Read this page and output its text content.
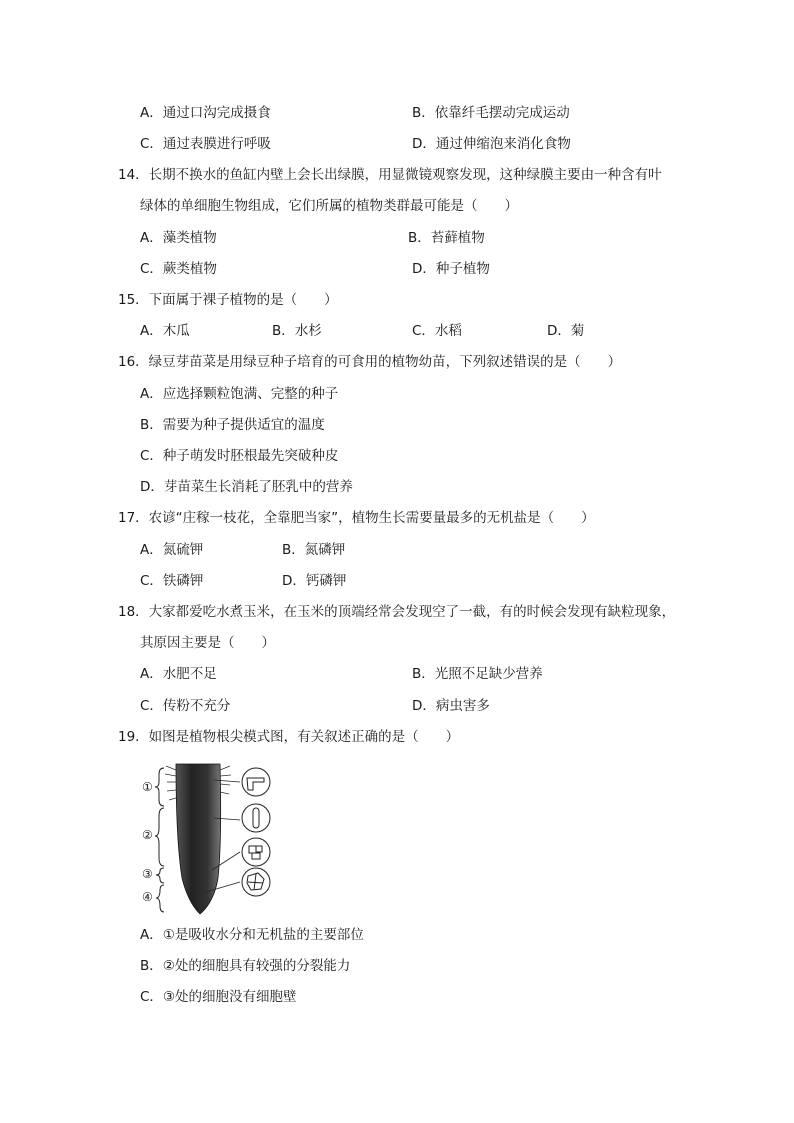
A．通过口沟完成摄食	B．依靠纤毛摆动完成运动
C．通过表膜进行呼吸	D．通过伸缩泡来消化食物
14．长期不换水的鱼缸内壁上会长出绿膜，用显微镜观察发现，这种绿膜主要由一种含有叶
绿体的单细胞生物组成，它们所属的植物类群最可能是（　　）
A．藻类植物	B．苔藓植物
C．蕨类植物	D．种子植物
15．下面属于裸子植物的是（　　）
A．木瓜	B．水杉	C．水稻	D．菊
16．绿豆芽苗菜是用绿豆种子培育的可食用的植物幼苗，下列叙述错误的是（　　）
A．应选择颗粒饱满、完整的种子
B．需要为种子提供适宜的温度
C．种子萌发时胚根最先突破种皮
D．芽苗菜生长消耗了胚乳中的营养
17．农谚“庄稼一枝花，全靠肥当家”，植物生长需要量最多的无机盐是（　　）
A．氮硫钾	B．氮磷钾
C．铁磷钾	D．钙磷钾
18．大家都爱吃水煮玉米，在玉米的顶端经常会发现空了一截，有的时候会发现有缺粒现象，
其原因主要是（　　）
A．水肥不足	B．光照不足缺少营养
C．传粉不充分	D．病虫害多
19．如图是植物根尖模式图，有关叙述正确的是（　　）
①
②
③
④
A．①是吸收水分和无机盐的主要部位
B．②处的细胞具有较强的分裂能力
C．③处的细胞没有细胞壁
